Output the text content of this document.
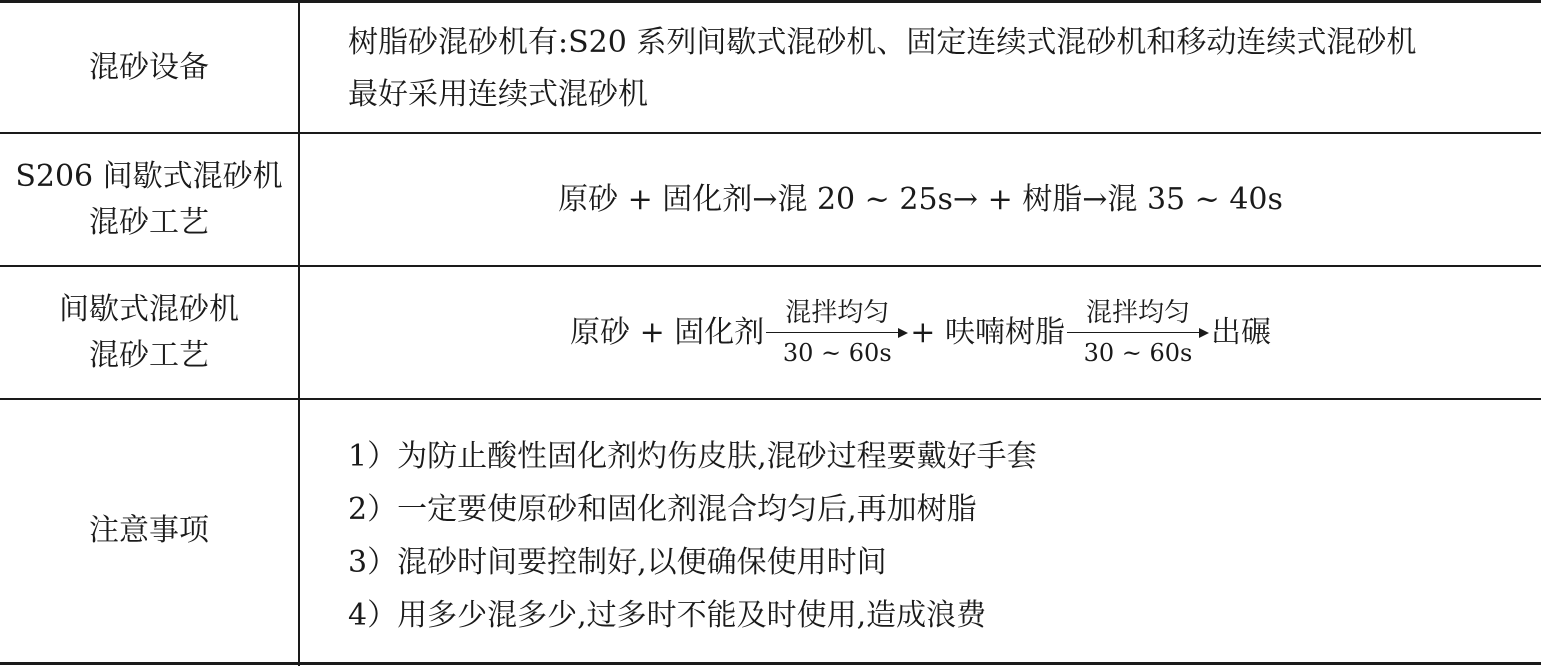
混砂设备
树脂砂混砂机有:S20 系列间歇式混砂机、固定连续式混砂机和移动连续式混砂机
最好采用连续式混砂机
S206 间歇式混砂机
混砂工艺
原砂 + 固化剂→混 20 ~ 25s→ + 树脂→混 35 ~ 40s
间歇式混砂机
混砂工艺
原砂 + 固化剂
混拌均匀
30 ~ 60s
+ 呋喃树脂
混拌均匀
30 ~ 60s
出碾
注意事项
1）为防止酸性固化剂灼伤皮肤,混砂过程要戴好手套
2）一定要使原砂和固化剂混合均匀后,再加树脂
3）混砂时间要控制好,以便确保使用时间
4）用多少混多少,过多时不能及时使用,造成浪费
